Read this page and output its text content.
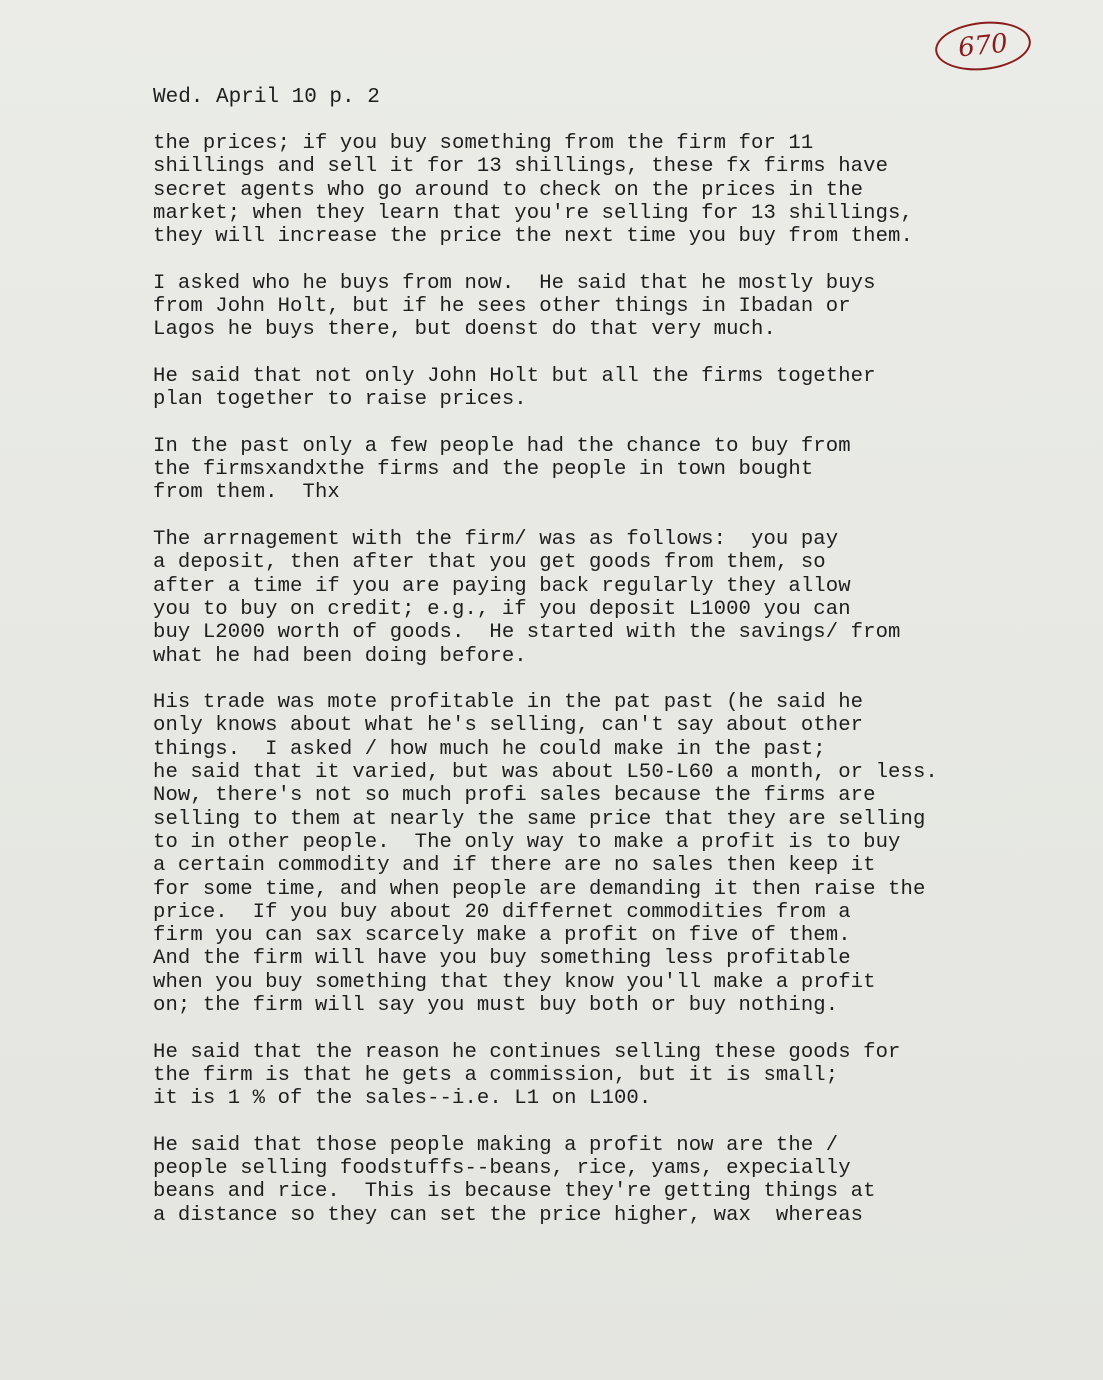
670
Wed. April 10 p. 2
the prices; if you buy something from the firm for 11
shillings and sell it for 13 shillings, these fx firms have
secret agents who go around to check on the prices in the
market; when they learn that you're selling for 13 shillings,
they will increase the price the next time you buy from them.
I asked who he buys from now.  He said that he mostly buys
from John Holt, but if he sees other things in Ibadan or
Lagos he buys there, but doenst do that very much.
He said that not only John Holt but all the firms together
plan together to raise prices.
In the past only a few people had the chance to buy from
the firmsxandxthe firms and the people in town bought
from them.  Thx
The arrnagement with the firm/ was as follows:  you pay
a deposit, then after that you get goods from them, so
after a time if you are paying back regularly they allow
you to buy on credit; e.g., if you deposit L1000 you can
buy L2000 worth of goods.  He started with the savings/ from
what he had been doing before.
His trade was mote profitable in the pat past (he said he
only knows about what he's selling, can't say about other
things.  I asked / how much he could make in the past;
he said that it varied, but was about L50-L60 a month, or less.
Now, there's not so much profi sales because the firms are
selling to them at nearly the same price that they are selling
to in other people.  The only way to make a profit is to buy
a certain commodity and if there are no sales then keep it
for some time, and when people are demanding it then raise the
price.  If you buy about 20 differnet commodities from a
firm you can sax scarcely make a profit on five of them.
And the firm will have you buy something less profitable
when you buy something that they know you'll make a profit
on; the firm will say you must buy both or buy nothing.
He said that the reason he continues selling these goods for
the firm is that he gets a commission, but it is small;
it is 1 % of the sales--i.e. L1 on L100.
He said that those people making a profit now are the /
people selling foodstuffs--beans, rice, yams, expecially
beans and rice.  This is because they're getting things at
a distance so they can set the price higher, wax  whereas
